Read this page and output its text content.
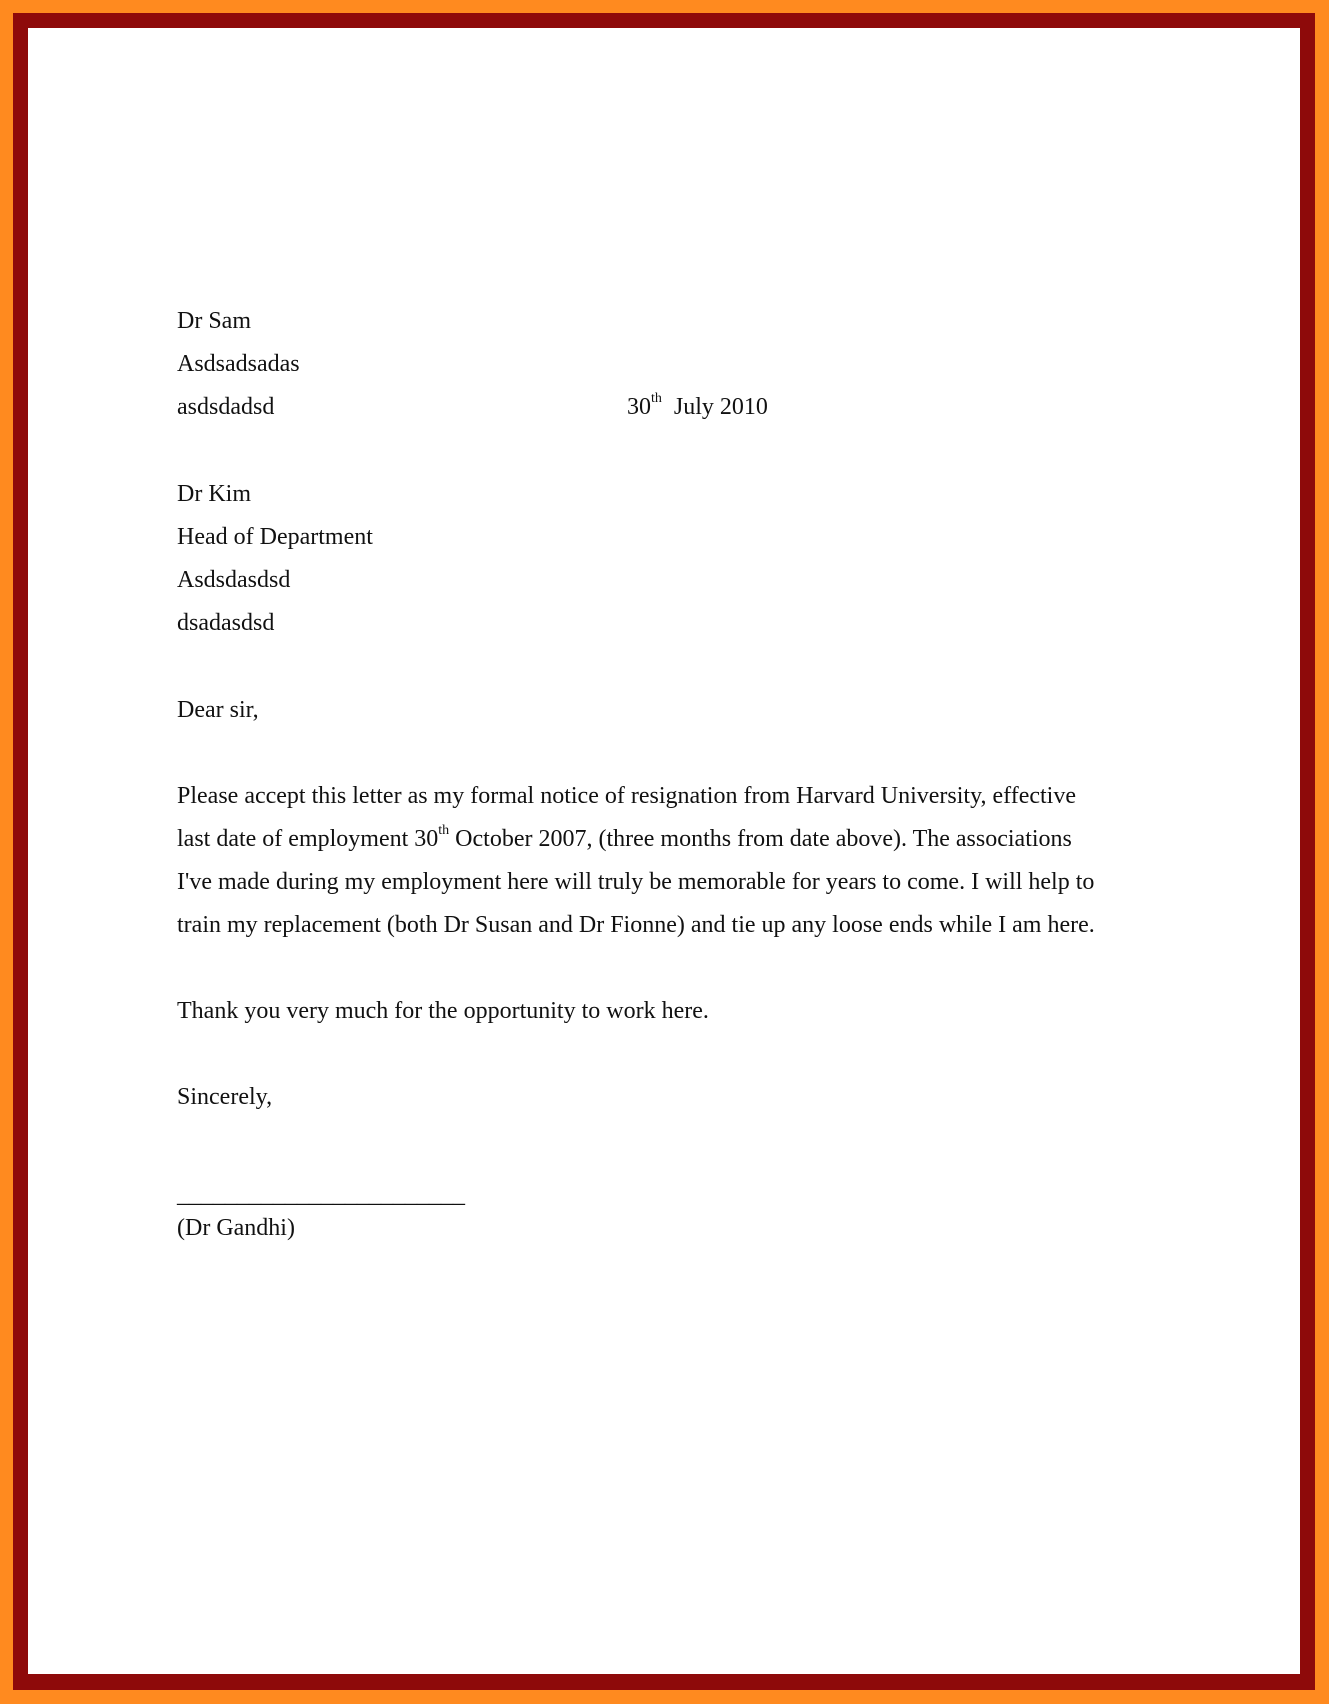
Dr Sam

Asdsadsadas

asdsdadsd	30th July 2010

Dr Kim

Head of Department

Asdsdasdsd

dsadasdsd

Dear sir,

Please accept this letter as my formal notice of resignation from Harvard University, effective

last date of employment 30th October 2007, (three months from date above). The associations

I've made during my employment here will truly be memorable for years to come. I will help to

train my replacement (both Dr Susan and Dr Fionne) and tie up any loose ends while I am here.

Thank you very much for the opportunity to work here.

Sincerely,

________________________

(Dr Gandhi)
